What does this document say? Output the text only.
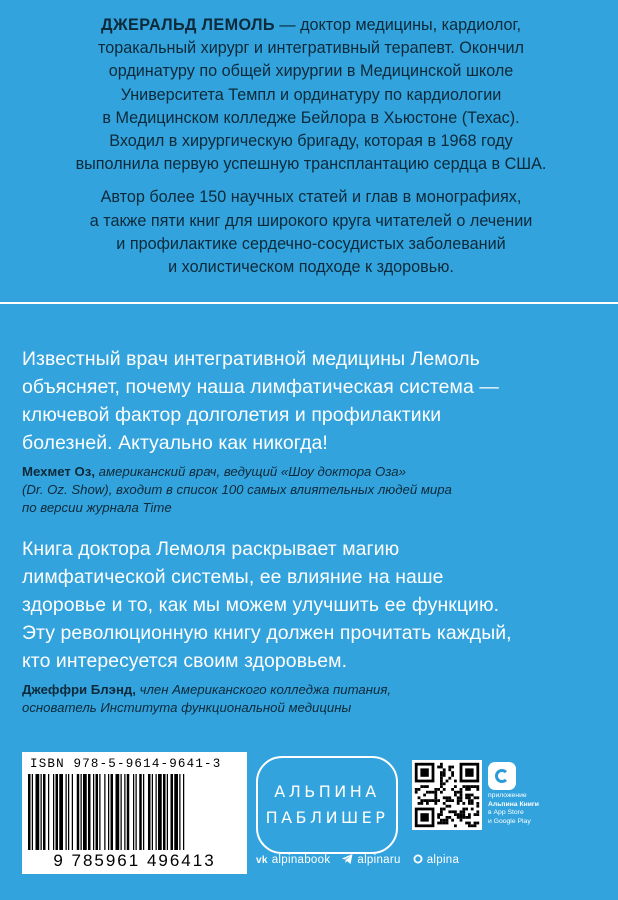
ДЖЕРАЛЬД ЛЕМОЛЬ — доктор медицины, кардиолог,
торакальный хирург и интегративный терапевт. Окончил
ординатуру по общей хирургии в Медицинской школе
Университета Темпл и ординатуру по кардиологии
в Медицинском колледже Бейлора в Хьюстоне (Техас).
Входил в хирургическую бригаду, которая в 1968 году
выполнила первую успешную трансплантацию сердца в США.

Автор более 150 научных статей и глав в монографиях,
а также пяти книг для широкого круга читателей о лечении
и профилактике сердечно-сосудистых заболеваний
и холистическом подходе к здоровью.

Известный врач интегративной медицины Лемоль
объясняет, почему наша лимфатическая система —
ключевой фактор долголетия и профилактики
болезней. Актуально как никогда!

Мехмет Оз, американский врач, ведущий «Шоу доктора Оза»
(Dr. Oz. Show), входит в список 100 самых влиятельных людей мира
по версии журнала Time

Книга доктора Лемоля раскрывает магию
лимфатической системы, ее влияние на наше
здоровье и то, как мы можем улучшить ее функцию.
Эту революционную книгу должен прочитать каждый,
кто интересуется своим здоровьем.

Джеффри Блэнд, член Американского колледжа питания,
основатель Института функциональной медицины

ISBN 978-5-9614-9641-3
9 785961 496413
АЛЬПИНА
ПАБЛИШЕР
приложение
Альпина Книги
в App Store
и Google Play
vk alpinabook alpinaru alpina
